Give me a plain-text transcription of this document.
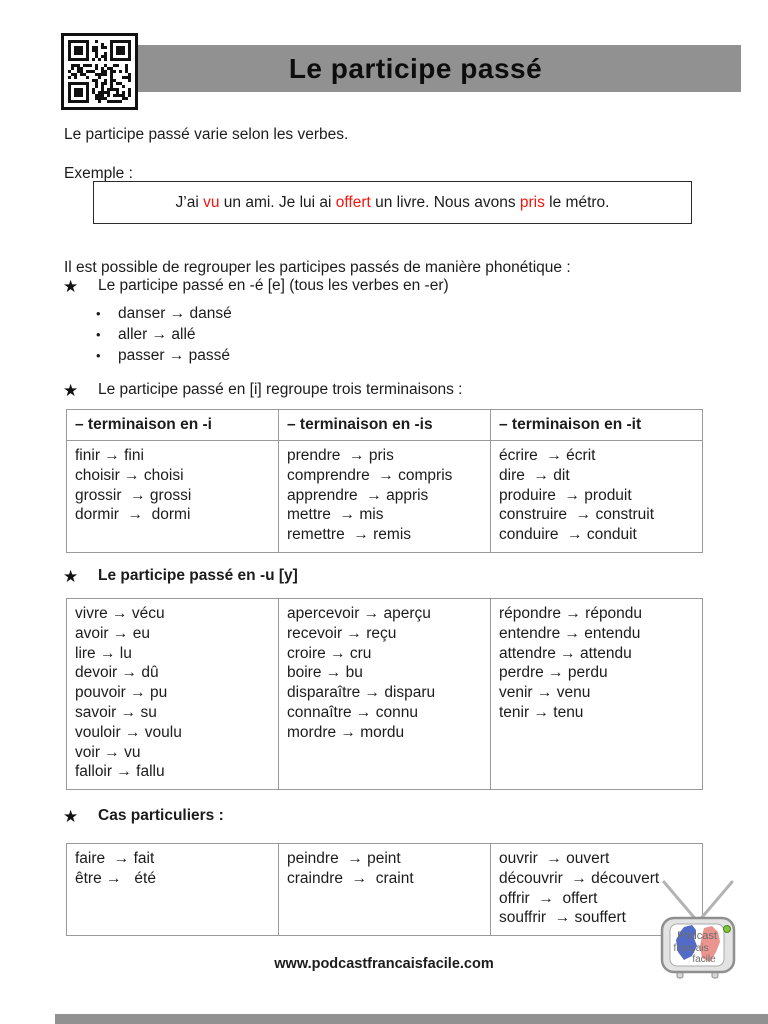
Le participe passé

Le participe passé varie selon les verbes.

Exemple :

J’ai vu un ami. Je lui ai offert un livre. Nous avons pris le métro.

Il est possible de regrouper les participes passés de manière phonétique :

★	Le participe passé en -é [e] (tous les verbes en -er)
•	danser → dansé
•	aller → allé
•	passer → passé
★	Le participe passé en [i] regroupe trois terminaisons :
– terminaison en -i	– terminaison en -is	– terminaison en -it

finir → fini
choisir → choisi
grossir  → grossi
dormir  →  dormi

prendre  → pris
comprendre  → compris
apprendre  → appris
mettre  → mis
remettre  → remis

écrire  → écrit
dire  → dit
produire  → produit
construire  → construit
conduire  → conduit
★	Le participe passé en -u [y]
vivre → vécu
avoir → eu
lire → lu
devoir → dû
pouvoir → pu
savoir → su
vouloir → voulu
voir → vu
falloir → fallu

apercevoir → aperçu
recevoir → reçu
croire → cru
boire → bu
disparaître → disparu
connaître → connu
mordre → mordu

répondre → répondu
entendre → entendu
attendre → attendu
perdre → perdu
venir → venu
tenir → tenu
★	Cas particuliers :
faire  → fait
être →   été

peindre  → peint
craindre  →  craint

ouvrir  → ouvert
découvrir  → découvert
offrir  →  offert
souffrir  → souffert
www.podcastfrancaisfacile.com
Podcast
français
facile
